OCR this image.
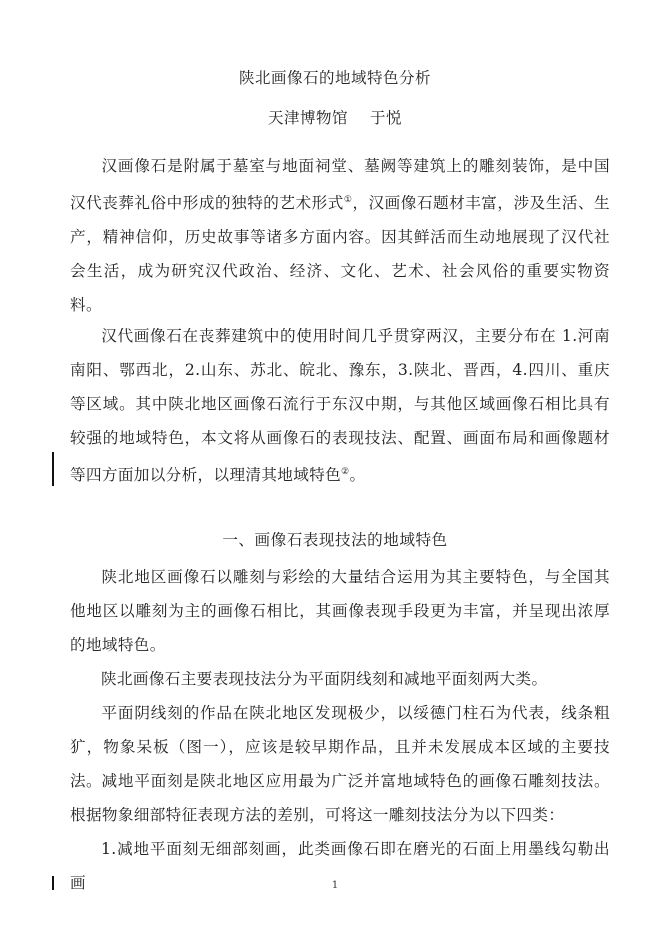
陕北画像石的地域特色分析
天津博物馆 于悦

汉画像石是附属于墓室与地面祠堂、墓阙等建筑上的雕刻装饰，是中国汉代丧葬礼俗中形成的独特的艺术形式①，汉画像石题材丰富，涉及生活、生产，精神信仰，历史故事等诸多方面内容。因其鲜活而生动地展现了汉代社会生活，成为研究汉代政治、经济、文化、艺术、社会风俗的重要实物资料。

汉代画像石在丧葬建筑中的使用时间几乎贯穿两汉，主要分布在 1.河南南阳、鄂西北，2.山东、苏北、皖北、豫东，3.陕北、晋西，4.四川、重庆等区域。其中陕北地区画像石流行于东汉中期，与其他区域画像石相比具有较强的地域特色，本文将从画像石的表现技法、配置、画面布局和画像题材等四方面加以分析，以理清其地域特色②。

一、画像石表现技法的地域特色

陕北地区画像石以雕刻与彩绘的大量结合运用为其主要特色，与全国其他地区以雕刻为主的画像石相比，其画像表现手段更为丰富，并呈现出浓厚的地域特色。

陕北画像石主要表现技法分为平面阴线刻和减地平面刻两大类。

平面阴线刻的作品在陕北地区发现极少，以绥德门柱石为代表，线条粗犷，物象呆板（图一），应该是较早期作品，且并未发展成本区域的主要技法。 减地平面刻是陕北地区应用最为广泛并富地域特色的画像石雕刻技法。根据物象细部特征表现方法的差别，可将这一雕刻技法分为以下四类：

1.减地平面刻无细部刻画，此类画像石即在磨光的石面上用墨线勾勒出画	1
